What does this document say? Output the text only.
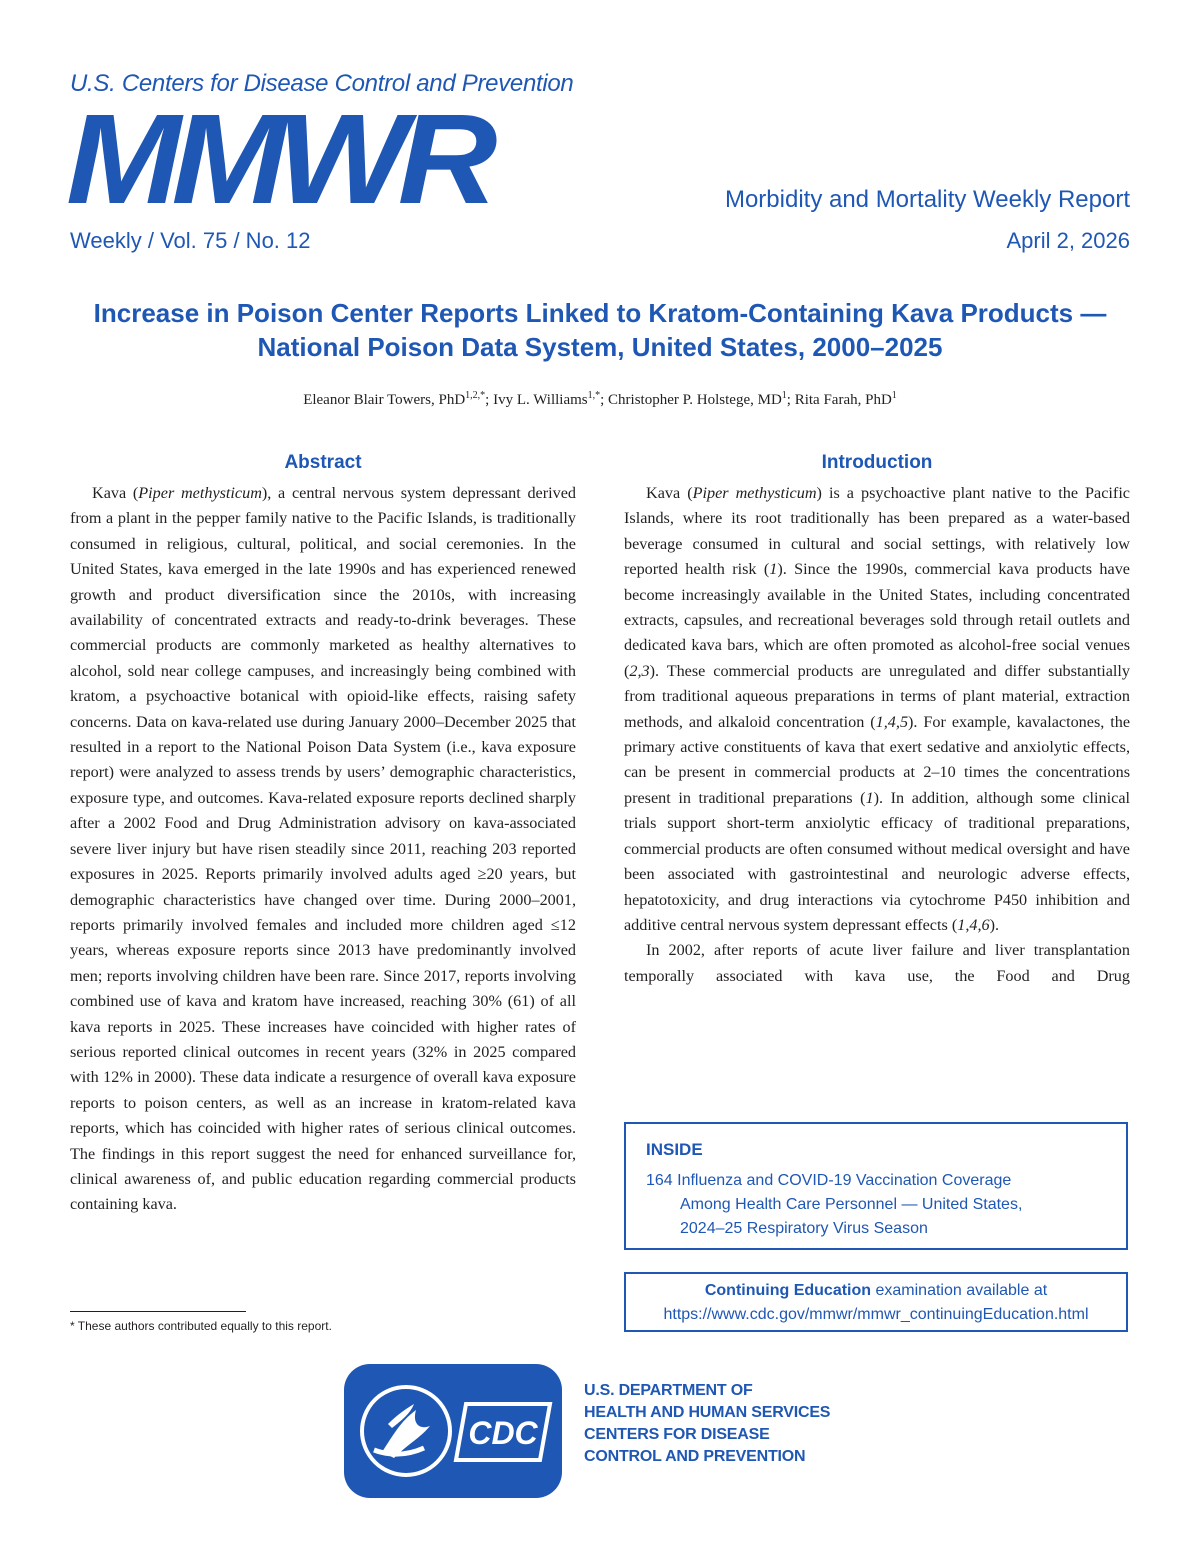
U.S. Centers for Disease Control and Prevention
MMWR	Morbidity and Mortality Weekly Report
Weekly / Vol. 75 / No. 12	April 2, 2026
Increase in Poison Center Reports Linked to Kratom-Containing Kava Products —
National Poison Data System, United States, 2000–2025
Eleanor Blair Towers, PhD$^{1,2,*}$; Ivy L. Williams$^{1,*}$; Christopher P. Holstege, $MD^1$; Rita Farah, PhD$^1$
Abstract	Introduction

Kava (Piper methysticum), a central nervous system depressant derived from a plant in the pepper family native to the Pacific Islands, is traditionally consumed in religious, cultural, political, and social ceremonies. In the United States, kava emerged in the late 1990s and has experienced renewed growth and product diversification since the 2010s, with increasing availability of concentrated extracts and ready-to-drink beverages. These commercial products are commonly marketed as healthy alternatives to alcohol, sold near college campuses, and increasingly being combined with kratom, a psychoactive botanical with opioid-like effects, raising safety concerns. Data on kava-related use during January 2000–December 2025 that resulted in a report to the National Poison Data System (i.e., kava exposure report) were analyzed to assess trends by users’ demographic characteristics, exposure type, and outcomes. Kava-related exposure reports declined sharply after a 2002 Food and Drug Administration advisory on kava-associated severe liver injury but have risen steadily since 2011, reaching 203 reported exposures in 2025. Reports primarily involved adults aged ≥20 years, but demographic characteristics have changed over time. During 2000–2001, reports primarily involved females and included more children aged ≤12 years, whereas exposure reports since 2013 have predominantly involved men; reports involving children have been rare. Since 2017, reports involving combined use of kava and kratom have increased, reaching 30% (61) of all kava reports in 2025. These increases have coincided with higher rates of serious reported clinical outcomes in recent years (32% in 2025 compared with 12% in 2000). These data indicate a resurgence of overall kava exposure reports to poison centers, as well as an increase in kratom-related kava reports, which has coincided with higher rates of serious clinical outcomes. The findings in this report suggest the need for enhanced surveillance for, clinical awareness of, and public education regarding commercial products containing kava.

Kava (Piper methysticum) is a psychoactive plant native to the Pacific Islands, where its root traditionally has been prepared as a water-based beverage consumed in cultural and social settings, with relatively low reported health risk (1). Since the 1990s, commercial kava products have become increasingly available in the United States, including concentrated extracts, capsules, and recreational beverages sold through retail outlets and dedicated kava bars, which are often promoted as alcohol-free social venues (2,3). These commercial products are unregulated and differ substantially from traditional aqueous preparations in terms of plant material, extraction methods, and alkaloid concentration (1,4,5). For example, kavalactones, the primary active constituents of kava that exert sedative and anxiolytic effects, can be present in commercial products at 2–10 times the concentrations present in traditional preparations (1). In addition, although some clinical trials support short-term anxiolytic efficacy of traditional preparations, commercial products are often consumed without medical oversight and have been associated with gastrointestinal and neurologic adverse effects, hepatotoxicity, and drug interactions via cytochrome P450 inhibition and additive central nervous system depressant effects (1,4,6).

In 2002, after reports of acute liver failure and liver transplantation temporally associated with kava use, the Food and Drug

* These authors contributed equally to this report.
INSIDE
164 Influenza and COVID-19 Vaccination Coverage
Among Health Care Personnel — United States,
2024–25 Respiratory Virus Season
Continuing Education examination available at
https://www.cdc.gov/mmwr/mmwr_continuingEducation.html
CDC
U.S. DEPARTMENT OF
HEALTH AND HUMAN SERVICES
CENTERS FOR DISEASE
CONTROL AND PREVENTION
